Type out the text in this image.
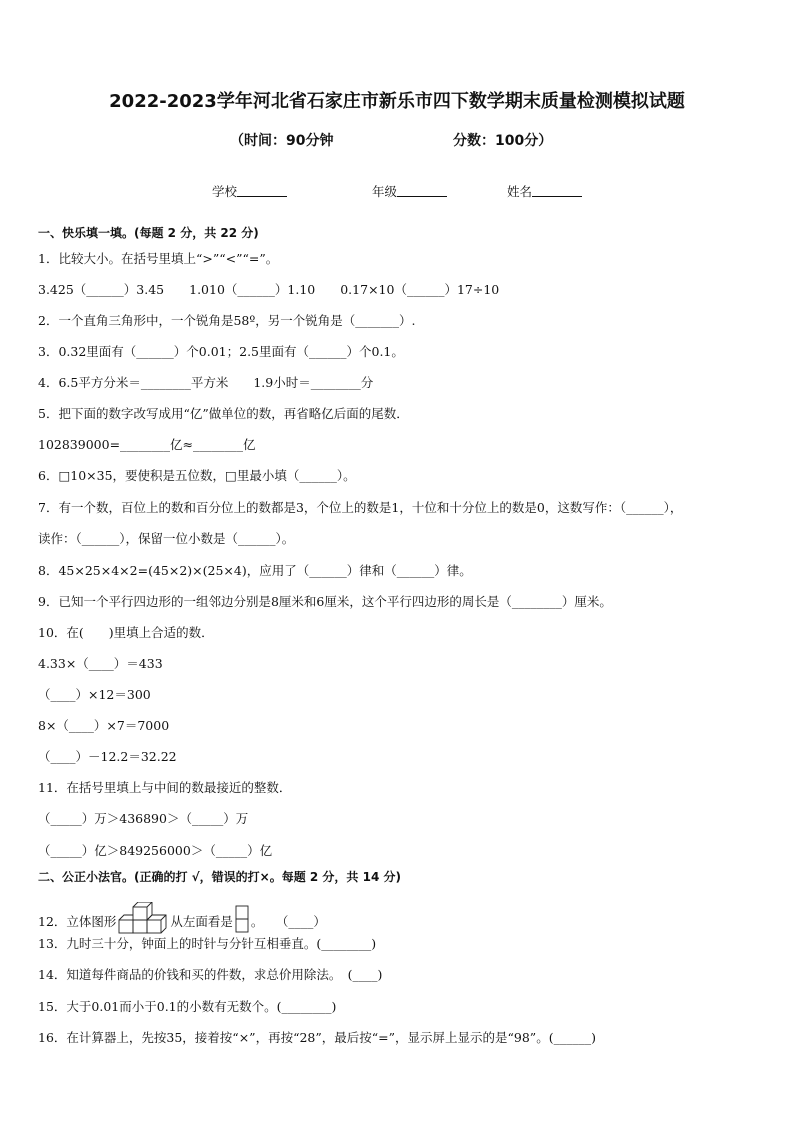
2022-2023学年河北省石家庄市新乐市四下数学期末质量检测模拟试题
（时间：90分钟	分数：100分）
学校	年级	姓名
一、快乐填一填。(每题 2 分，共 22 分)
1．比较大小。在括号里填上“>”“<”“=”。
3.425（______）3.45　　1.010（______）1.10　　0.17×10（______）17÷10
2．一个直角三角形中，一个锐角是58º，另一个锐角是（_______）.
3．0.32里面有（______）个0.01；2.5里面有（______）个0.1。
4．6.5平方分米＝________平方米　　1.9小时＝________分
5．把下面的数字改写成用“亿”做单位的数，再省略亿后面的尾数．
102839000=________亿≈________亿
6．□10×35，要使积是五位数，□里最小填（______）。
7．有一个数，百位上的数和百分位上的数都是3，个位上的数是1，十位和十分位上的数是0，这数写作：（______），
读作：（______），保留一位小数是（______）。
8．45×25×4×2=(45×2)×(25×4)，应用了（______）律和（______）律。
9．已知一个平行四边形的一组邻边分别是8厘米和6厘米，这个平行四边形的周长是（________）厘米。
10．在(　　)里填上合适的数．
4.33×（____）＝433
（____）×12＝300
8×（____）×7＝7000
（____）－12.2＝32.22
11．在括号里填上与中间的数最接近的整数．
（_____）万＞436890＞（_____）万
（_____）亿＞849256000＞（_____）亿
二、公正小法官。(正确的打 √，错误的打×。每题 2 分，共 14 分)
12．立体图形	从左面看是 。　　（____）
13．九时三十分，钟面上的时针与分针互相垂直。(________)
14．知道每件商品的价钱和买的件数，求总价用除法。　(____)
15．大于0.01而小于0.1的小数有无数个。(________)
16．在计算器上，先按35，接着按“×”，再按“28”，最后按“=”，显示屏上显示的是“98”。(______)
